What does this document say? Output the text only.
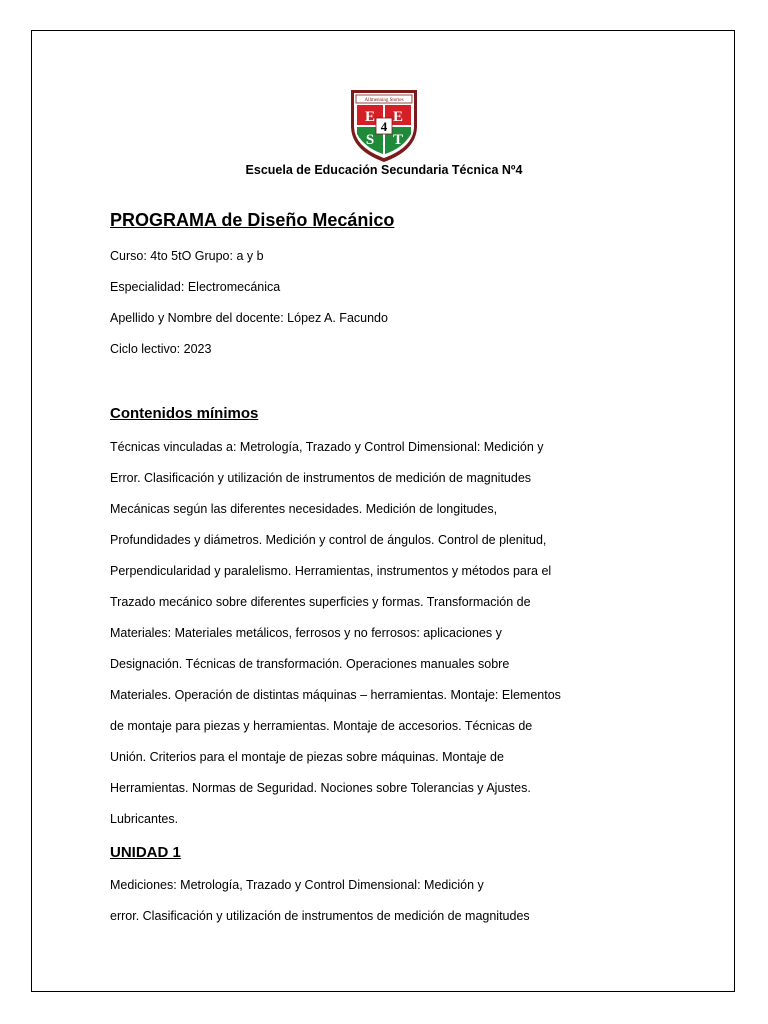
Allmenning Stortes
E E
S T
4
Escuela de Educación Secundaria Técnica Nº4
PROGRAMA de Diseño Mecánico
Curso: 4to 5tO Grupo: a y b
Especialidad: Electromecánica
Apellido y Nombre del docente: López A. Facundo
Ciclo lectivo: 2023
Contenidos mínimos
Técnicas vinculadas a: Metrología, Trazado y Control Dimensional: Medición y
Error. Clasificación y utilización de instrumentos de medición de magnitudes
Mecánicas según las diferentes necesidades. Medición de longitudes,
Profundidades y diámetros. Medición y control de ángulos. Control de plenitud,
Perpendicularidad y paralelismo. Herramientas, instrumentos y métodos para el
Trazado mecánico sobre diferentes superficies y formas. Transformación de
Materiales: Materiales metálicos, ferrosos y no ferrosos: aplicaciones y
Designación. Técnicas de transformación. Operaciones manuales sobre
Materiales. Operación de distintas máquinas – herramientas. Montaje: Elementos
de montaje para piezas y herramientas. Montaje de accesorios. Técnicas de
Unión. Criterios para el montaje de piezas sobre máquinas. Montaje de
Herramientas. Normas de Seguridad. Nociones sobre Tolerancias y Ajustes.
Lubricantes.
UNIDAD 1
Mediciones: Metrología, Trazado y Control Dimensional: Medición y
error. Clasificación y utilización de instrumentos de medición de magnitudes
